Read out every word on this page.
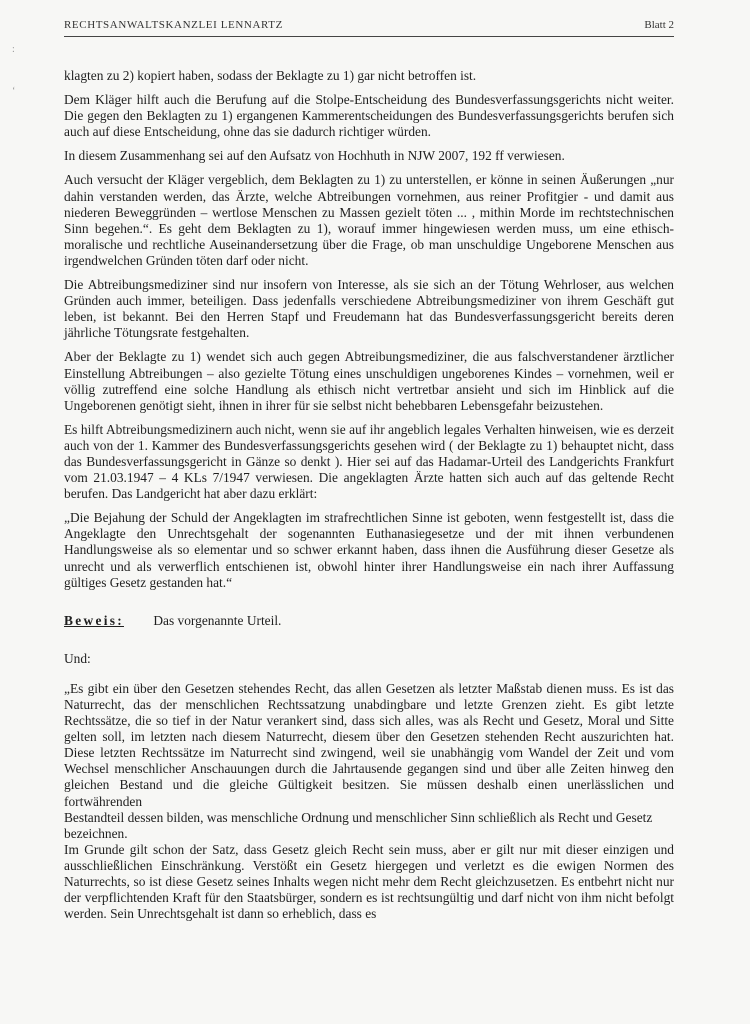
RECHTSANWALTSKANZLEI LENNARTZ	Blatt 2
:
‘

klagten zu 2) kopiert haben, sodass der Beklagte zu 1) gar nicht betroffen ist.

Dem Kläger hilft auch die Berufung auf die Stolpe-Entscheidung des Bundesverfassungsgerichts nicht weiter. Die gegen den Beklagten zu 1) ergangenen Kammerentscheidungen des Bundesverfassungsgerichts berufen sich auch auf diese Entscheidung, ohne das sie dadurch richtiger würden.

In diesem Zusammenhang sei auf den Aufsatz von Hochhuth in NJW 2007, 192 ff verwiesen.

Auch versucht der Kläger vergeblich, dem Beklagten zu 1) zu unterstellen, er könne in seinen Äußerungen „nur dahin verstanden werden, das Ärzte, welche Abtreibungen vornehmen, aus reiner Profitgier - und damit aus niederen Beweggründen – wertlose Menschen zu Massen gezielt töten ... , mithin Morde im rechtstechnischen Sinn begehen.“. Es geht dem Beklagten zu 1), worauf immer hingewiesen werden muss, um eine ethisch-moralische und rechtliche Auseinandersetzung über die Frage, ob man unschuldige Ungeborene Menschen aus irgendwelchen Gründen töten darf oder nicht.

Die Abtreibungsmediziner sind nur insofern von Interesse, als sie sich an der Tötung Wehrloser, aus welchen Gründen auch immer, beteiligen. Dass jedenfalls verschiedene Abtreibungsmediziner von ihrem Geschäft gut leben, ist bekannt. Bei den Herren Stapf und Freudemann hat das Bundesverfassungsgericht bereits deren jährliche Tötungsrate festgehalten.

Aber der Beklagte zu 1) wendet sich auch gegen Abtreibungsmediziner, die aus falschverstandener ärztlicher Einstellung Abtreibungen – also gezielte Tötung eines unschuldigen ungeborenes Kindes – vornehmen, weil er völlig zutreffend eine solche Handlung als ethisch nicht vertretbar ansieht und sich im Hinblick auf die Ungeborenen genötigt sieht, ihnen in ihrer für sie selbst nicht behebbaren Lebensgefahr beizustehen.

Es hilft Abtreibungsmedizinern auch nicht, wenn sie auf ihr angeblich legales Verhalten hinweisen, wie es derzeit auch von der 1. Kammer des Bundesverfassungsgerichts gesehen wird ( der Beklagte zu 1) behauptet nicht, dass das Bundesverfassungsgericht in Gänze so denkt ). Hier sei auf das Hadamar-Urteil des Landgerichts Frankfurt vom 21.03.1947 – 4 KLs 7/1947 verwiesen. Die angeklagten Ärzte hatten sich auch auf das geltende Recht berufen. Das Landgericht hat aber dazu erklärt:

„Die Bejahung der Schuld der Angeklagten im strafrechtlichen Sinne ist geboten, wenn festgestellt ist, dass die Angeklagte den Unrechtsgehalt der sogenannten Euthanasiegesetze und der mit ihnen verbundenen Handlungsweise als so elementar und so schwer erkannt haben, dass ihnen die Ausführung dieser Gesetze als unrecht und als verwerflich entschienen ist, obwohl hinter ihrer Handlungsweise ein nach ihrer Auffassung gültiges Gesetz gestanden hat.“

Beweis: Das vorgenannte Urteil.

Und:

„Es gibt ein über den Gesetzen stehendes Recht, das allen Gesetzen als letzter Maßstab dienen muss. Es ist das Naturrecht, das der menschlichen Rechtssatzung unabdingbare und letzte Grenzen zieht. Es gibt letzte Rechtssätze, die so tief in der Natur verankert sind, dass sich alles, was als Recht und Gesetz, Moral und Sitte gelten soll, im letzten nach diesem Naturrecht, diesem über den Gesetzen stehenden Recht auszurichten hat. Diese letzten Rechtssätze im Naturrecht sind zwingend, weil sie unabhängig vom Wandel der Zeit und vom Wechsel menschlicher Anschauungen durch die Jahrtausende gegangen sind und über alle Zeiten hinweg den gleichen Bestand und die gleiche Gültigkeit besitzen. Sie müssen deshalb einen unerlässlichen und fortwährenden

Bestandteil dessen bilden, was menschliche Ordnung und menschlicher Sinn schließlich als Recht und Gesetz bezeichnen.

Im Grunde gilt schon der Satz, dass Gesetz gleich Recht sein muss, aber er gilt nur mit dieser einzigen und ausschließlichen Einschränkung. Verstößt ein Gesetz hiergegen und verletzt es die ewigen Normen des Naturrechts, so ist diese Gesetz seines Inhalts wegen nicht mehr dem Recht gleichzusetzen. Es entbehrt nicht nur der verpflichtenden Kraft für den Staatsbürger, sondern es ist rechtsungültig und darf nicht von ihm nicht befolgt werden. Sein Unrechtsgehalt ist dann so erheblich, dass es
